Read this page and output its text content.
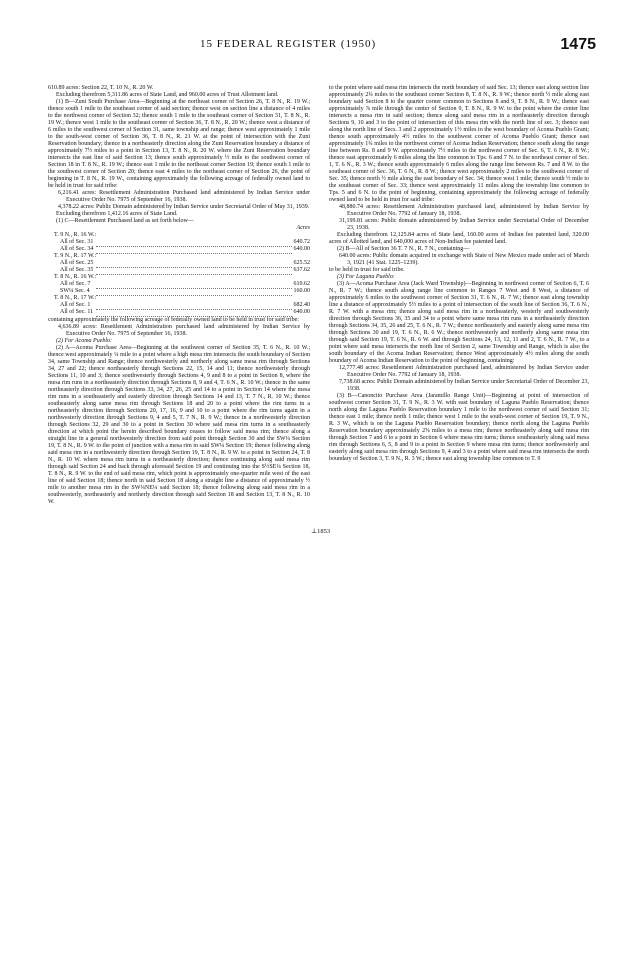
15 FEDERAL REGISTER (1950)	1475
⊥1853

610.89 acres: Section 22, T. 10 N., R. 20 W.

Excluding therefrom 5,311.86 acres of State Land, and 960.00 acres of Trust Allotment land.

(1) B—Zuni South Purchase Area—Beginning at the northeast corner of Section 26, T. 8 N., R. 19 W.; thence south 1 mile to the southeast corner of said section; thence west on section line a distance of 4 miles to the northwest corner of Section 32; thence south 1 mile to the southeast corner of Section 31, T. 8 N., R. 19 W.; thence west 1 mile to the southeast corner of Section 36, T. 8 N., R. 20 W.; thence west a distance of 6 miles to the southwest corner of Section 31, same township and range; thence west approximately 1 mile to the south-west corner of Section 36, T. 8 N., R. 21 W. at the point of intersection with the Zuni Reservation boundary; thence in a northeasterly direction along the Zuni Reservation boundary a distance of approximately 7½ miles to a point in Section 13, T. 8 N., R. 20 W. where the Zuni Reservation boundary intersects the east line of said Section 13; thence south approximately ½ mile to the southwest corner of Section 18 in T. 8 N., R. 19 W.; thence east 1 mile to the northeast corner Section 19; thence south 1 mile to the southwest corner of Section 20; thence east 4 miles to the northeast corner of Section 26, the point of beginning in T. 8 N., R. 19 W., containing approximately the following acreage of federally owned land to be held in trust for said tribe:

6,216.41 acres: Resettlement Administration Purchased land administered by Indian Service under Executive Order No. 7975 of September 16, 1938.

4,378.22 acres: Public Domain administered by Indian Service under Secretarial Order of May 31, 1939.

Excluding therefrom 1,412.16 acres of State Land.

(1) C—Resettlement Purchased land as set forth below—

		Acres
T. 9 N., R. 16 W.:		
All of Sec. 31		640.72
All of Sec. 34		640.00
T. 9 N., R. 17 W.:		
All of Sec. 25		625.52
All of Sec. 35		637.62
T. 8 N., R. 16 W.:		
All of Sec. 7		610.62
SW¼ Sec. 4		160.00
T. 8 N., R. 17 W.:		
All of Sec. 1		682.40
All of Sec. 11		640.00

containing approximately the following acreage of federally owned land to be held in trust for said tribe:

4,636.89 acres: Resettlement Administration purchased land administered by Indian Service by Executive Order No. 7975 of September 16, 1938.

(2) For Acoma Pueblo:

(2) A—Acoma Purchase Area—Beginning at the southwest corner of Section 35, T. 6 N., R. 10 W.; thence west approximately ¼ mile to a point where a high mesa rim intersects the south boundary of Section 34, same Township and Range; thence northwesterly and northerly along same mesa rim through Sections 34, 27 and 22; thence northeasterly through Sections 22, 15, 14 and 11; thence northwesterly through Sections 11, 10 and 3; thence southwesterly through Sections 4, 9 and 8 to a point in Section 8, where the mesa rim runs in a northeasterly direction through Sections 8, 9 and 4, T. 6 N., R. 10 W.; thence in the same northeasterly direction through Sections 33, 34, 27, 26, 25 and 14 to a point in Section 14 where the mesa rim runs in a southeasterly and easterly direction through Sections 14 and 13, T. 7 N., R. 10 W.; thence southeasterly along same mesa rim through Sections 18 and 20 to a point where the rim turns in a northeasterly direction through Sections 20, 17, 16, 9 and 10 to a point where the rim turns again in a northwesterly direction through Sections 9, 4 and 5, T. 7 N., R. 9 W.; thence in a northwesterly direction through Sections 32, 29 and 30 to a point in Section 30 where said mesa rim turns in a southeasterly direction at which point the herein described boundary ceases to follow said mesa rim; thence along a straight line in a general northwesterly direction from said point through Section 30 and the SW¼ Section 19, T. 8 N., R. 9 W. to the point of junction with a mesa rim in said SW¼ Section 19; thence following along said mesa rim in a northwesterly direction through Section 19, T. 8 N., R. 9 W. to a point in Section 24, T. 8 N., R. 10 W. where mesa rim turns in a northeasterly direction; thence continuing along said mesa rim through said Section 24 and back through aforesaid Section 19 and continuing into the S½SE¼ Section 18, T. 8 N., R. 9 W. to the end of said mesa rim, which point is approximately one-quarter mile west of the east line of said Section 18; thence north in said Section 18 along a straight line a distance of approximately ½ mile to another mesa rim in the SW¼NE¼ said Section 18; thence following along said mesa rim in a southwesterly, northeasterly and northerly direction through said Section 18 and Section 13, T. 8 N., R. 10 W.

to the point where said mesa rim intersects the north boundary of said Sec. 13; thence east along section line approximately 2¾ miles to the southeast corner Section 8, T. 8 N., R. 9 W.; thence north ½ mile along east boundary said Section 8 to the quarter corner common to Sections 8 and 9, T. 8 N., R. 9 W.; thence east approximately ⅞ mile through the center of Section 9, T. 8 N., R. 9 W. to the point where the center line intersects a mesa rim in said section; thence along said mesa rim in a northeasterly direction through Sections 9, 10 and 3 to the point of intersection of this mesa rim with the north line of sec. 3; thence east along the north line of Secs. 3 and 2 approximately 1½ miles to the west boundary of Acoma Pueblo Grant; thence south approximately 4½ miles to the southwest corner of Acoma Pueblo Grant; thence east approximately 1¾ miles to the northwest corner of Acoma Indian Reservation; thence south along the range line between Rs. 8 and 9 W. approximately 7½ miles to the northwest corner of Sec. 6, T. 6 N., R. 8 W.; thence east approximately 6 miles along the line common to Tps. 6 and 7 N. to the northeast corner of Sec. 1, T. 6 N., R. 3 W.; thence south approximately 6 miles along the range line between Rs. 7 and 8 W. to the southeast corner of Sec. 36, T. 6 N., R. 8 W.; thence west approximately 2 miles to the southwest corner of Sec. 35; thence north ½ mile along the east boundary of Sec. 34; thence west 1 mile; thence south ½ mile to the southeast corner of Sec. 33; thence west approximately 11 miles along the township line common to Tps. 5 and 6 N. to the point of beginning, containing approximately the following acreage of federally owned land to be held in trust for said tribe:

48,880.74 acres: Resettlement Administration purchased land, administered by Indian Service by Executive Order No. 7792 of January 18, 1938.

31,199.81 acres: Public domain administered by Indian Service under Secretarial Order of December 23, 1938.

Excluding therefrom 12,125.84 acres of State land, 160.00 acres of Indian fee patented land, 320.00 acres of Allotted land, and 640,000 acres of Non-Indian fee patented land.

(2) B—All of Section 36 T. 7 N., R. 7 N., containing—

640.00 acres: Public domain acquired in exchange with State of New Mexico made under act of March 3, 1921 (41 Stat. 1225–1239).

to be held in trust for said tribe.

(3) For Laguna Pueblo:

(3) A—Acoma Purchase Area (Jack Ward Township)—Beginning in northwest corner of Section 6, T. 6 N., R. 7 W.; thence south along range line common to Ranges 7 West and 8 West, a distance of approximately 6 miles to the southwest corner of Section 31, T. 6 N., R. 7 W.; thence east along township line a distance of approximately 5½ miles to a point of intersection of the south line of Section 36, T. 6 N., R. 7 W. with a mesa rim; thence along said mesa rim in a northeasterly, westerly and southwesterly direction through Sections 36, 35 and 34 to a point where same mesa rim runs in a northeasterly direction through Sections 34, 35, 26 and 25, T. 6 N., R. 7 W.; thence northeasterly and easterly along same mesa rim through Sections 30 and 19, T. 6 N., R. 6 W.; thence northwesterly and northerly along same mesa rim through said Section 19, T. 6 N., R. 6 W. and through Sections 24, 13, 12, 11 and 2, T. 6 N., R. 7 W., to a point where said mesa intersects the north line of Section 2, same Township and Range, which is also the south boundary of the Acoma Indian Reservation; thence West approximately 4½ miles along the south boundary of Acoma Indian Reservation to the point of beginning, containing:

12,777.48 acres: Resettlement Administration purchased land, administered by Indian Service under Executive Order No. 7792 of January 18, 1938.

7,738.68 acres: Public Domain administered by Indian Service under Secretarial Order of December 23, 1938.

(3) B—Canoncito Purchase Area (Jaramillo Range Unit)—Beginning at point of intersection of southwest corner Section 31, T. 9 N., R. 3 W. with east boundary of Laguna Pueblo Reservation; thence north along the Laguna Pueblo Reservation boundary 1 mile to the northwest corner of said Section 31; thence east 1 mile; thence north 1 mile; thence west 1 mile to the south-west corner of Section 19, T. 9 N., R. 3 W., which is on the Laguna Pueblo Reservation boundary; thence north along the Laguna Pueblo Reservation boundary approximately 2⅝ miles to a mesa rim; thence northeasterly along said mesa rim through Section 7 and 6 to a point in Section 6 where mesa rim turns; thence southeasterly along said mesa rim through Sections 6, 5, 8 and 9 to a point in Section 9 where mesa rim turns; thence northwesterly and easterly along said mesa rim through Sections 9, 4 and 3 to a point where said mesa rim intersects the north boundary of Section 3, T. 9 N., R. 3 W.; thence east along township line common to T. 9
